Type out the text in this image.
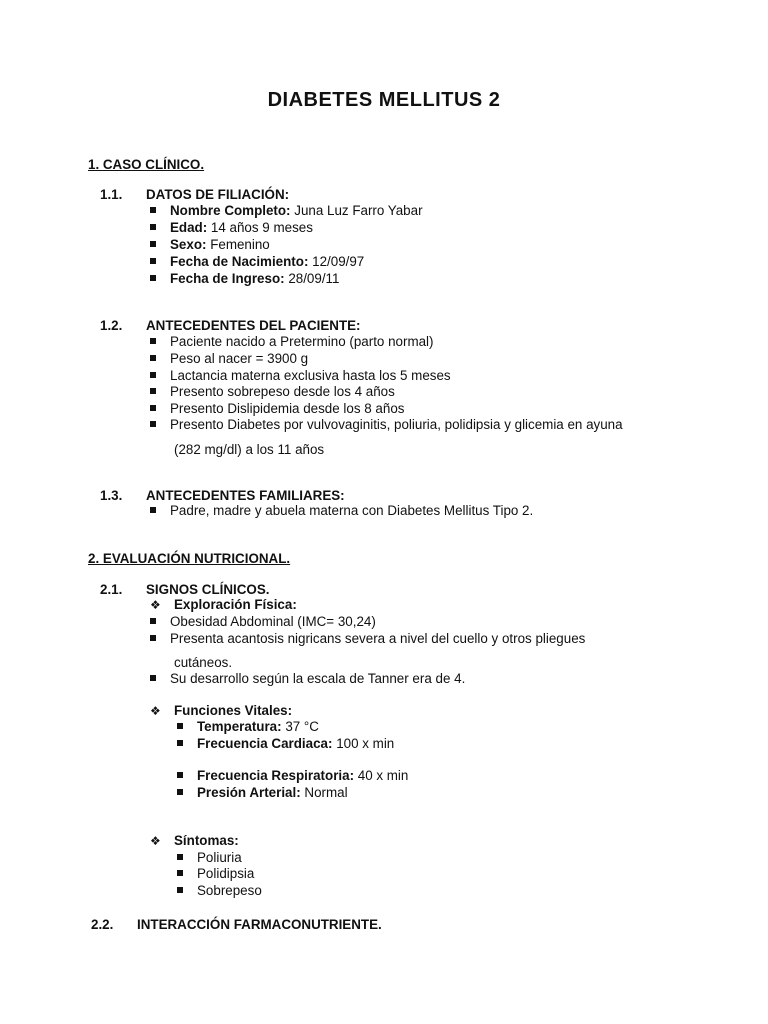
DIABETES MELLITUS 2
1. CASO CLÍNICO.
1.1. DATOS DE FILIACIÓN:
Nombre Completo: Juna Luz Farro Yabar
Edad: 14 años 9 meses
Sexo: Femenino
Fecha de Nacimiento: 12/09/97
Fecha de Ingreso: 28/09/11
1.2. ANTECEDENTES DEL PACIENTE:
Paciente nacido a Pretermino (parto normal)
Peso al nacer = 3900 g
Lactancia materna exclusiva hasta los 5 meses
Presento sobrepeso desde los 4 años
Presento Dislipidemia desde los 8 años
Presento Diabetes por vulvovaginitis, poliuria, polidipsia y glicemia en ayuna
(282 mg/dl) a los 11 años
1.3. ANTECEDENTES FAMILIARES:
Padre, madre y abuela materna con Diabetes Mellitus Tipo 2.
2. EVALUACIÓN NUTRICIONAL.
2.1. SIGNOS CLÍNICOS.
❖ Exploración Física:
Obesidad Abdominal (IMC= 30,24)
Presenta acantosis nigricans severa a nivel del cuello y otros pliegues
cutáneos.
Su desarrollo según la escala de Tanner era de 4.
❖ Funciones Vitales:
Temperatura: 37 °C
Frecuencia Cardiaca: 100 x min
Frecuencia Respiratoria: 40 x min
Presión Arterial: Normal
❖ Síntomas:
Poliuria
Polidipsia
Sobrepeso
2.2. INTERACCIÓN FARMACONUTRIENTE.
